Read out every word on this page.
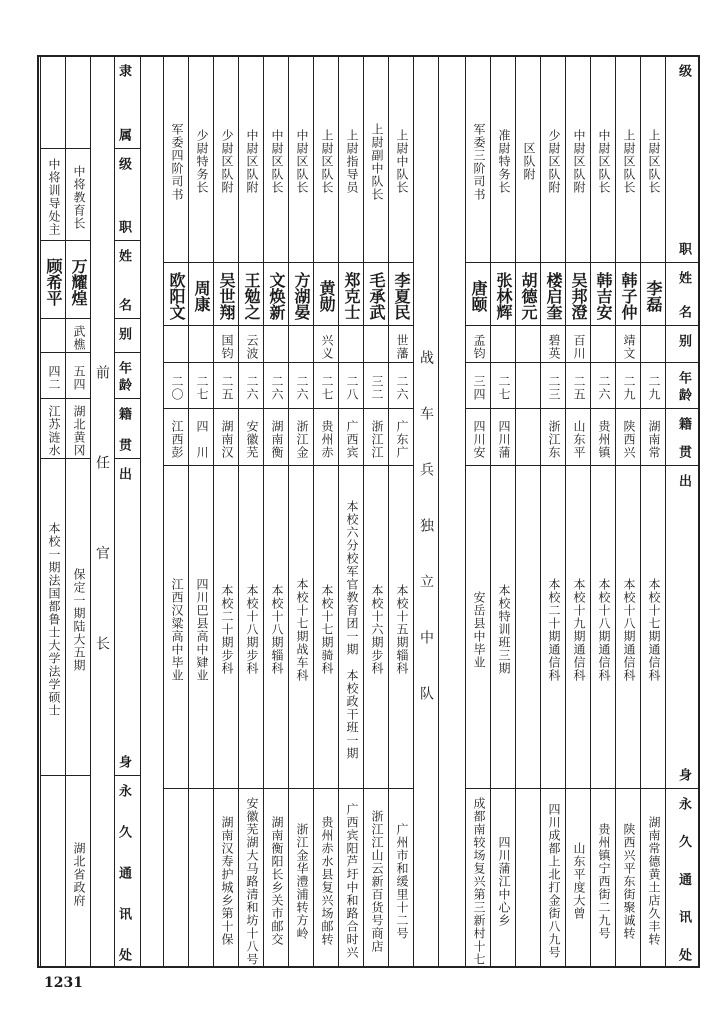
级职
姓名
别
年龄
籍贯
出身
永久通讯处
上尉区队长
李磊
二九
湖南常
本校十七期通信科
湖南常德黄土店久丰转
上尉区队长
韩子仲
靖文
二九
陕西兴
本校十八期通信科
陕西兴平东街聚诚转
中尉区队长
韩吉安
二六
贵州镇
本校十八期通信科
贵州镇宁西街二九号
中尉区队附
吴邦澄
百川
二五
山东平
本校十九期通信科
山东平度大曾
少尉区队附
楼启奎
碧英
二三
浙江东
本校二十期通信科
四川成都上北打金街八九号
区队附
胡德元
准尉特务长
张林辉
二七
四川蒲
本校特训班三期
四川蒲江中心乡
军委三阶司书
唐颐
孟钧
三四
四川安
安岳县中毕业
成都南较场复兴第三新村十七
战车兵独立中队
上尉中队长
李夏民
世藩
二六
广东广
本校十五期辎科
广州市和缓里十二号
上尉副中队长
毛承武
三二
浙江江
本校十六期步科
浙江江山云新百货号商店
上尉指导员
郑克士
二八
广西宾
本校六分校军官教育团一期　本校政干班一期
广西宾阳芦圩中和路合时兴
上尉区队长
黄勋
兴义
二七
贵州赤
本校十七期骑科
贵州赤水县复兴场邮转
中尉区队长
方湖晏
二六
浙江金
本校十七期战车科
浙江金华澧浦转方岭
中尉区队长
文焕新
二六
湖南衡
本校十八期辎科
湖南衡阳长乡关市邮交
中尉区队附
王勉之
云波
二六
安徽芜
本校十八期步科
安徽芜湖大马路清和坊十八号
少尉区队附
吴世翔
国钧
二五
湖南汉
本校二十期步科
湖南汉寿护城乡第十保
少尉特务长
周康
二七
四　川
四川巴县高中肄业
军委四阶司书
欧阳文
二〇
江西彭
江西汉粱高中毕业
隶属
级职
姓名
别
年龄
籍贯
出身
永久通讯处
前任官长
中将教育长
万耀煌
武樵
五四
湖北黄冈
保定一期陆大五期
湖北省政府
中将训导处主
顾希平
四二
江苏涟水
本校一期法国都鲁士大学法学硕士
1231
